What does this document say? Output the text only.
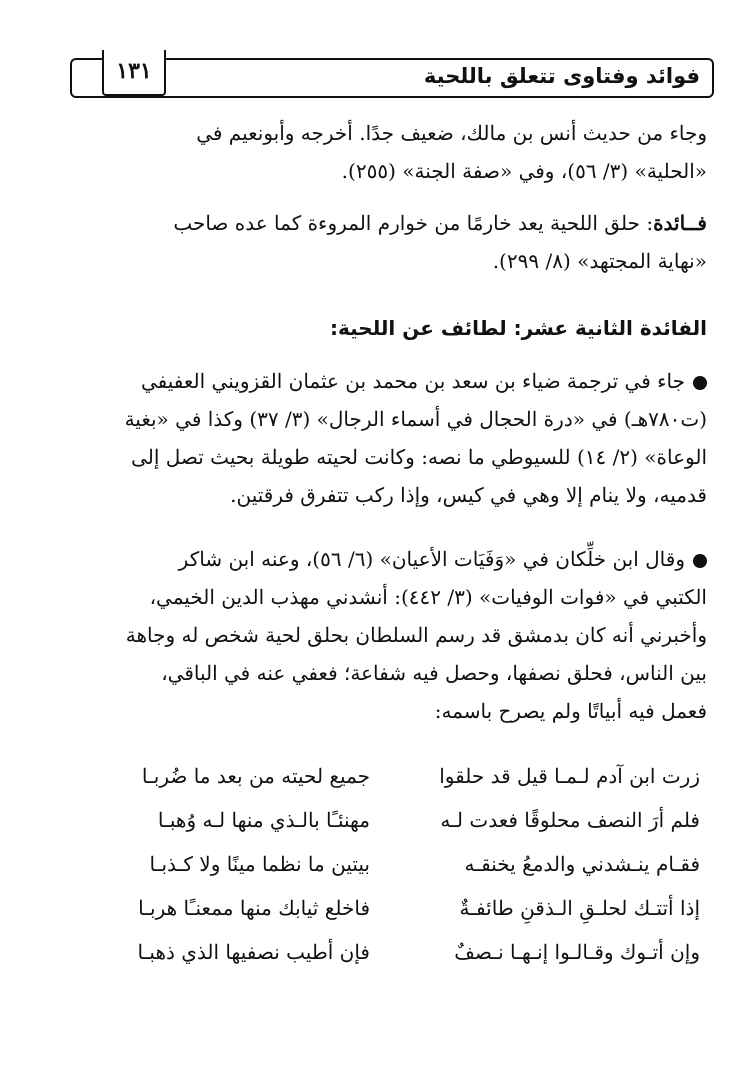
فوائد وفتاوى تتعلق باللحية
١٣١

وجاء من حديث أنس بن مالك، ضعيف جدًا. أخرجه وأبونعيم في

«الحلية» (٣/ ٥٦)، وفي «صفة الجنة» (٢٥٥).

فــائدة: حلق اللحية يعد خارمًا من خوارم المروءة كما عده صاحب

«نهاية المجتهد» (٨/ ٢٩٩).

الفائدة الثانية عشر: لطائف عن اللحية:

جاء في ترجمة ضياء بن سعد بن محمد بن عثمان القزويني العفيفي

(ت٧٨٠هـ) في «درة الحجال في أسماء الرجال» (٣/ ٣٧) وكذا في «بغية

الوعاة» (٢/ ١٤) للسيوطي ما نصه: وكانت لحيته طويلة بحيث تصل إلى

قدميه، ولا ينام إلا وهي في كيس، وإذا ركب تتفرق فرقتين.

وقال ابن خلِّكان في «وَفَيَات الأعيان» (٦/ ٥٦)، وعنه ابن شاكر

الكتبي في «فوات الوفيات» (٣/ ٤٤٢): أنشدني مهذب الدين الخيمي،

وأخبرني أنه كان بدمشق قد رسم السلطان بحلق لحية شخص له وجاهة

بين الناس، فحلق نصفها، وحصل فيه شفاعة؛ فعفي عنه في الباقي،

فعمل فيه أبياتًا ولم يصرح باسمه:

زرت ابن آدم لـمـا قيل قد حلقوا
جميع لحيته من بعد ما ضُربـا
فلم أرَ النصف محلوقًا فعدت لـه
مهنئـًا بالـذي منها لـه وُهبـا
فقـام ينـشدني والدمعُ يخنقـه
بيتين ما نظما مينًا ولا كـذبـا
إذا أتتـك لحلـقِ الـذقنِ طائفـةٌ
فاخلع ثيابك منها ممعنـًا هربـا
وإن أتـوك وقـالـوا إنـهـا نـصفٌ
فإن أطيب نصفيها الذي ذهبـا
